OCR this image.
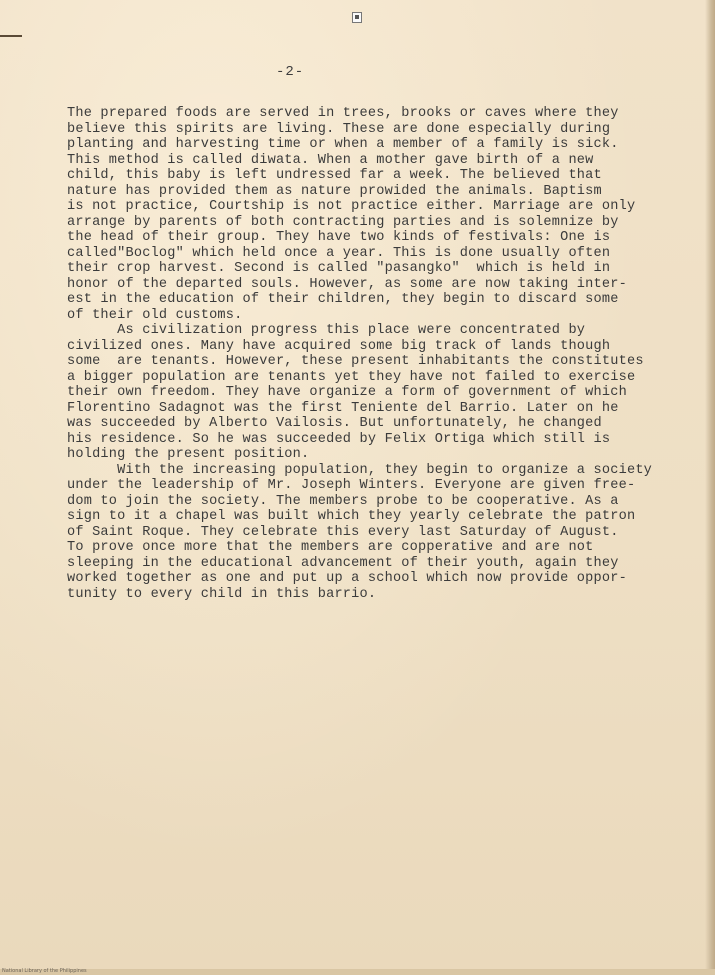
-2-
The prepared foods are served in trees, brooks or caves where they
believe this spirits are living. These are done especially during
planting and harvesting time or when a member of a family is sick.
This method is called diwata. When a mother gave birth of a new
child, this baby is left undressed far a week. The believed that
nature has provided them as nature prowided the animals. Baptism
is not practice, Courtship is not practice either. Marriage are only
arrange by parents of both contracting parties and is solemnize by
the head of their group. They have two kinds of festivals: One is
called"Boclog" which held once a year. This is done usually often
their crop harvest. Second is called "pasangko"  which is held in
honor of the departed souls. However, as some are now taking inter-
est in the education of their children, they begin to discard some
of their old customs.
As civilization progress this place were concentrated by
civilized ones. Many have acquired some big track of lands though
some  are tenants. However, these present inhabitants the constitutes
a bigger population are tenants yet they have not failed to exercise
their own freedom. They have organize a form of government of which
Florentino Sadagnot was the first Teniente del Barrio. Later on he
was succeeded by Alberto Vailosis. But unfortunately, he changed
his residence. So he was succeeded by Felix Ortiga which still is
holding the present position.
With the increasing population, they begin to organize a society
under the leadership of Mr. Joseph Winters. Everyone are given free-
dom to join the society. The members probe to be cooperative. As a
sign to it a chapel was built which they yearly celebrate the patron
of Saint Roque. They celebrate this every last Saturday of August.
To prove once more that the members are copperative and are not
sleeping in the educational advancement of their youth, again they
worked together as one and put up a school which now provide oppor-
tunity to every child in this barrio.
National Library of the Philippines
